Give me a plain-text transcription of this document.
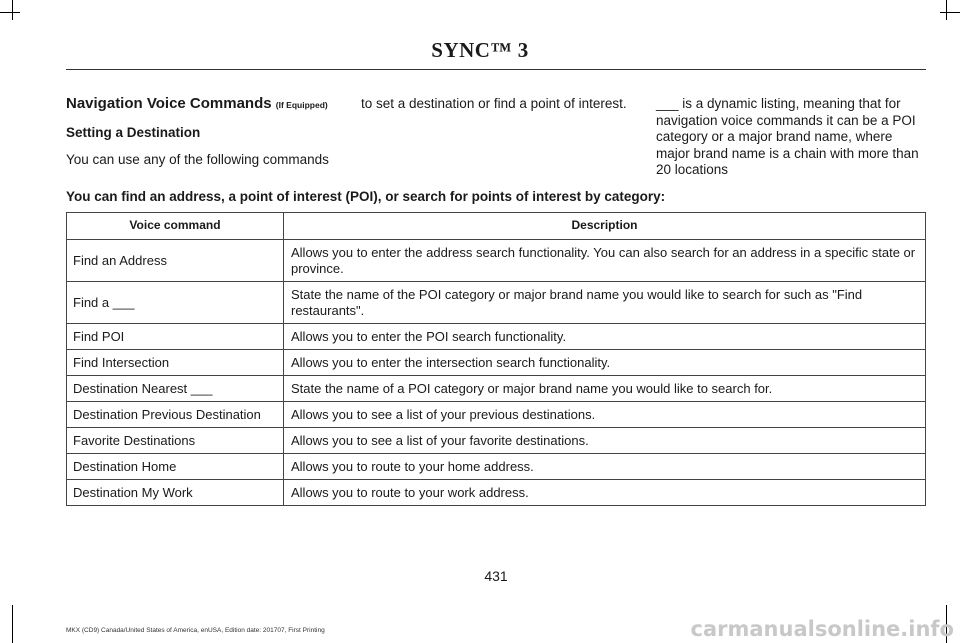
SYNC™ 3
Navigation Voice Commands (If Equipped)
Setting a Destination

You can use any of the following commands

to set a destination or find a point of interest.	___ is a dynamic listing, meaning that for navigation voice commands it can be a POI category or a major brand name, where major brand name is a chain with more than 20 locations

You can find an address, a point of interest (POI), or search for points of interest by category:
Voice command	Description
Find an Address	Allows you to enter the address search functionality. You can also search for an address in a specific state or province.
Find a ___	State the name of the POI category or major brand name you would like to search for such as "Find restaurants".
Find POI	Allows you to enter the POI search functionality.
Find Intersection	Allows you to enter the intersection search functionality.
Destination Nearest ___	State the name of a POI category or major brand name you would like to search for.
Destination Previous Destination	Allows you to see a list of your previous destinations.
Favorite Destinations	Allows you to see a list of your favorite destinations.
Destination Home	Allows you to route to your home address.
Destination My Work	Allows you to route to your work address.
431
MKX (CD9) Canada/United States of America, enUSA, Edition date: 201707, First Printing	carmanualsonline.info
